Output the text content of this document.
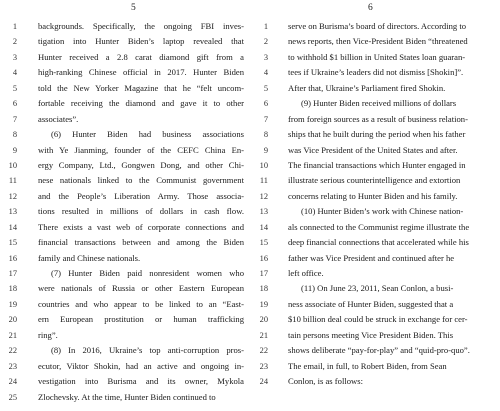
5	6
1 backgrounds. Specifically, the ongoing FBI inves-
2 tigation into Hunter Biden’s laptop revealed that
3 Hunter received a 2.8 carat diamond gift from a
4 high-ranking Chinese official in 2017. Hunter Biden
5 told the New Yorker Magazine that he “felt uncom-
6 fortable receiving the diamond and gave it to other
7 associates”.
8	(6) Hunter Biden had business associations
9 with Ye Jianming, founder of the CEFC China En-
10 ergy Company, Ltd., Gongwen Dong, and other Chi-
11 nese nationals linked to the Communist government
12 and the People’s Liberation Army. Those associa-
13 tions resulted in millions of dollars in cash flow.
14 There exists a vast web of corporate connections and
15 financial transactions between and among the Biden
16 family and Chinese nationals.
17	(7) Hunter Biden paid nonresident women who
18 were nationals of Russia or other Eastern European
19 countries and who appear to be linked to an “East-
20 ern European prostitution or human trafficking
21 ring”.
22	(8) In 2016, Ukraine’s top anti-corruption pros-
23 ecutor, Viktor Shokin, had an active and ongoing in-
24 vestigation into Burisma and its owner, Mykola
25 Zlochevsky. At the time, Hunter Biden continued to
1 serve on Burisma’s board of directors. According to
2 news reports, then Vice-President Biden “threatened
3 to withhold $1 billion in United States loan guaran-
4 tees if Ukraine’s leaders did not dismiss [Shokin]”.
5 After that, Ukraine’s Parliament fired Shokin.
6	(9) Hunter Biden received millions of dollars
7 from foreign sources as a result of business relation-
8 ships that he built during the period when his father
9 was Vice President of the United States and after.
10 The financial transactions which Hunter engaged in
11 illustrate serious counterintelligence and extortion
12 concerns relating to Hunter Biden and his family.
13	(10) Hunter Biden’s work with Chinese nation-
14 als connected to the Communist regime illustrate the
15 deep financial connections that accelerated while his
16 father was Vice President and continued after he
17 left office.
18	(11) On June 23, 2011, Sean Conlon, a busi-
19 ness associate of Hunter Biden, suggested that a
20 $10 billion deal could be struck in exchange for cer-
21 tain persons meeting Vice President Biden. This
22 shows deliberate “pay-for-play” and “quid-pro-quo”.
23 The email, in full, to Robert Biden, from Sean
24 Conlon, is as follows:
